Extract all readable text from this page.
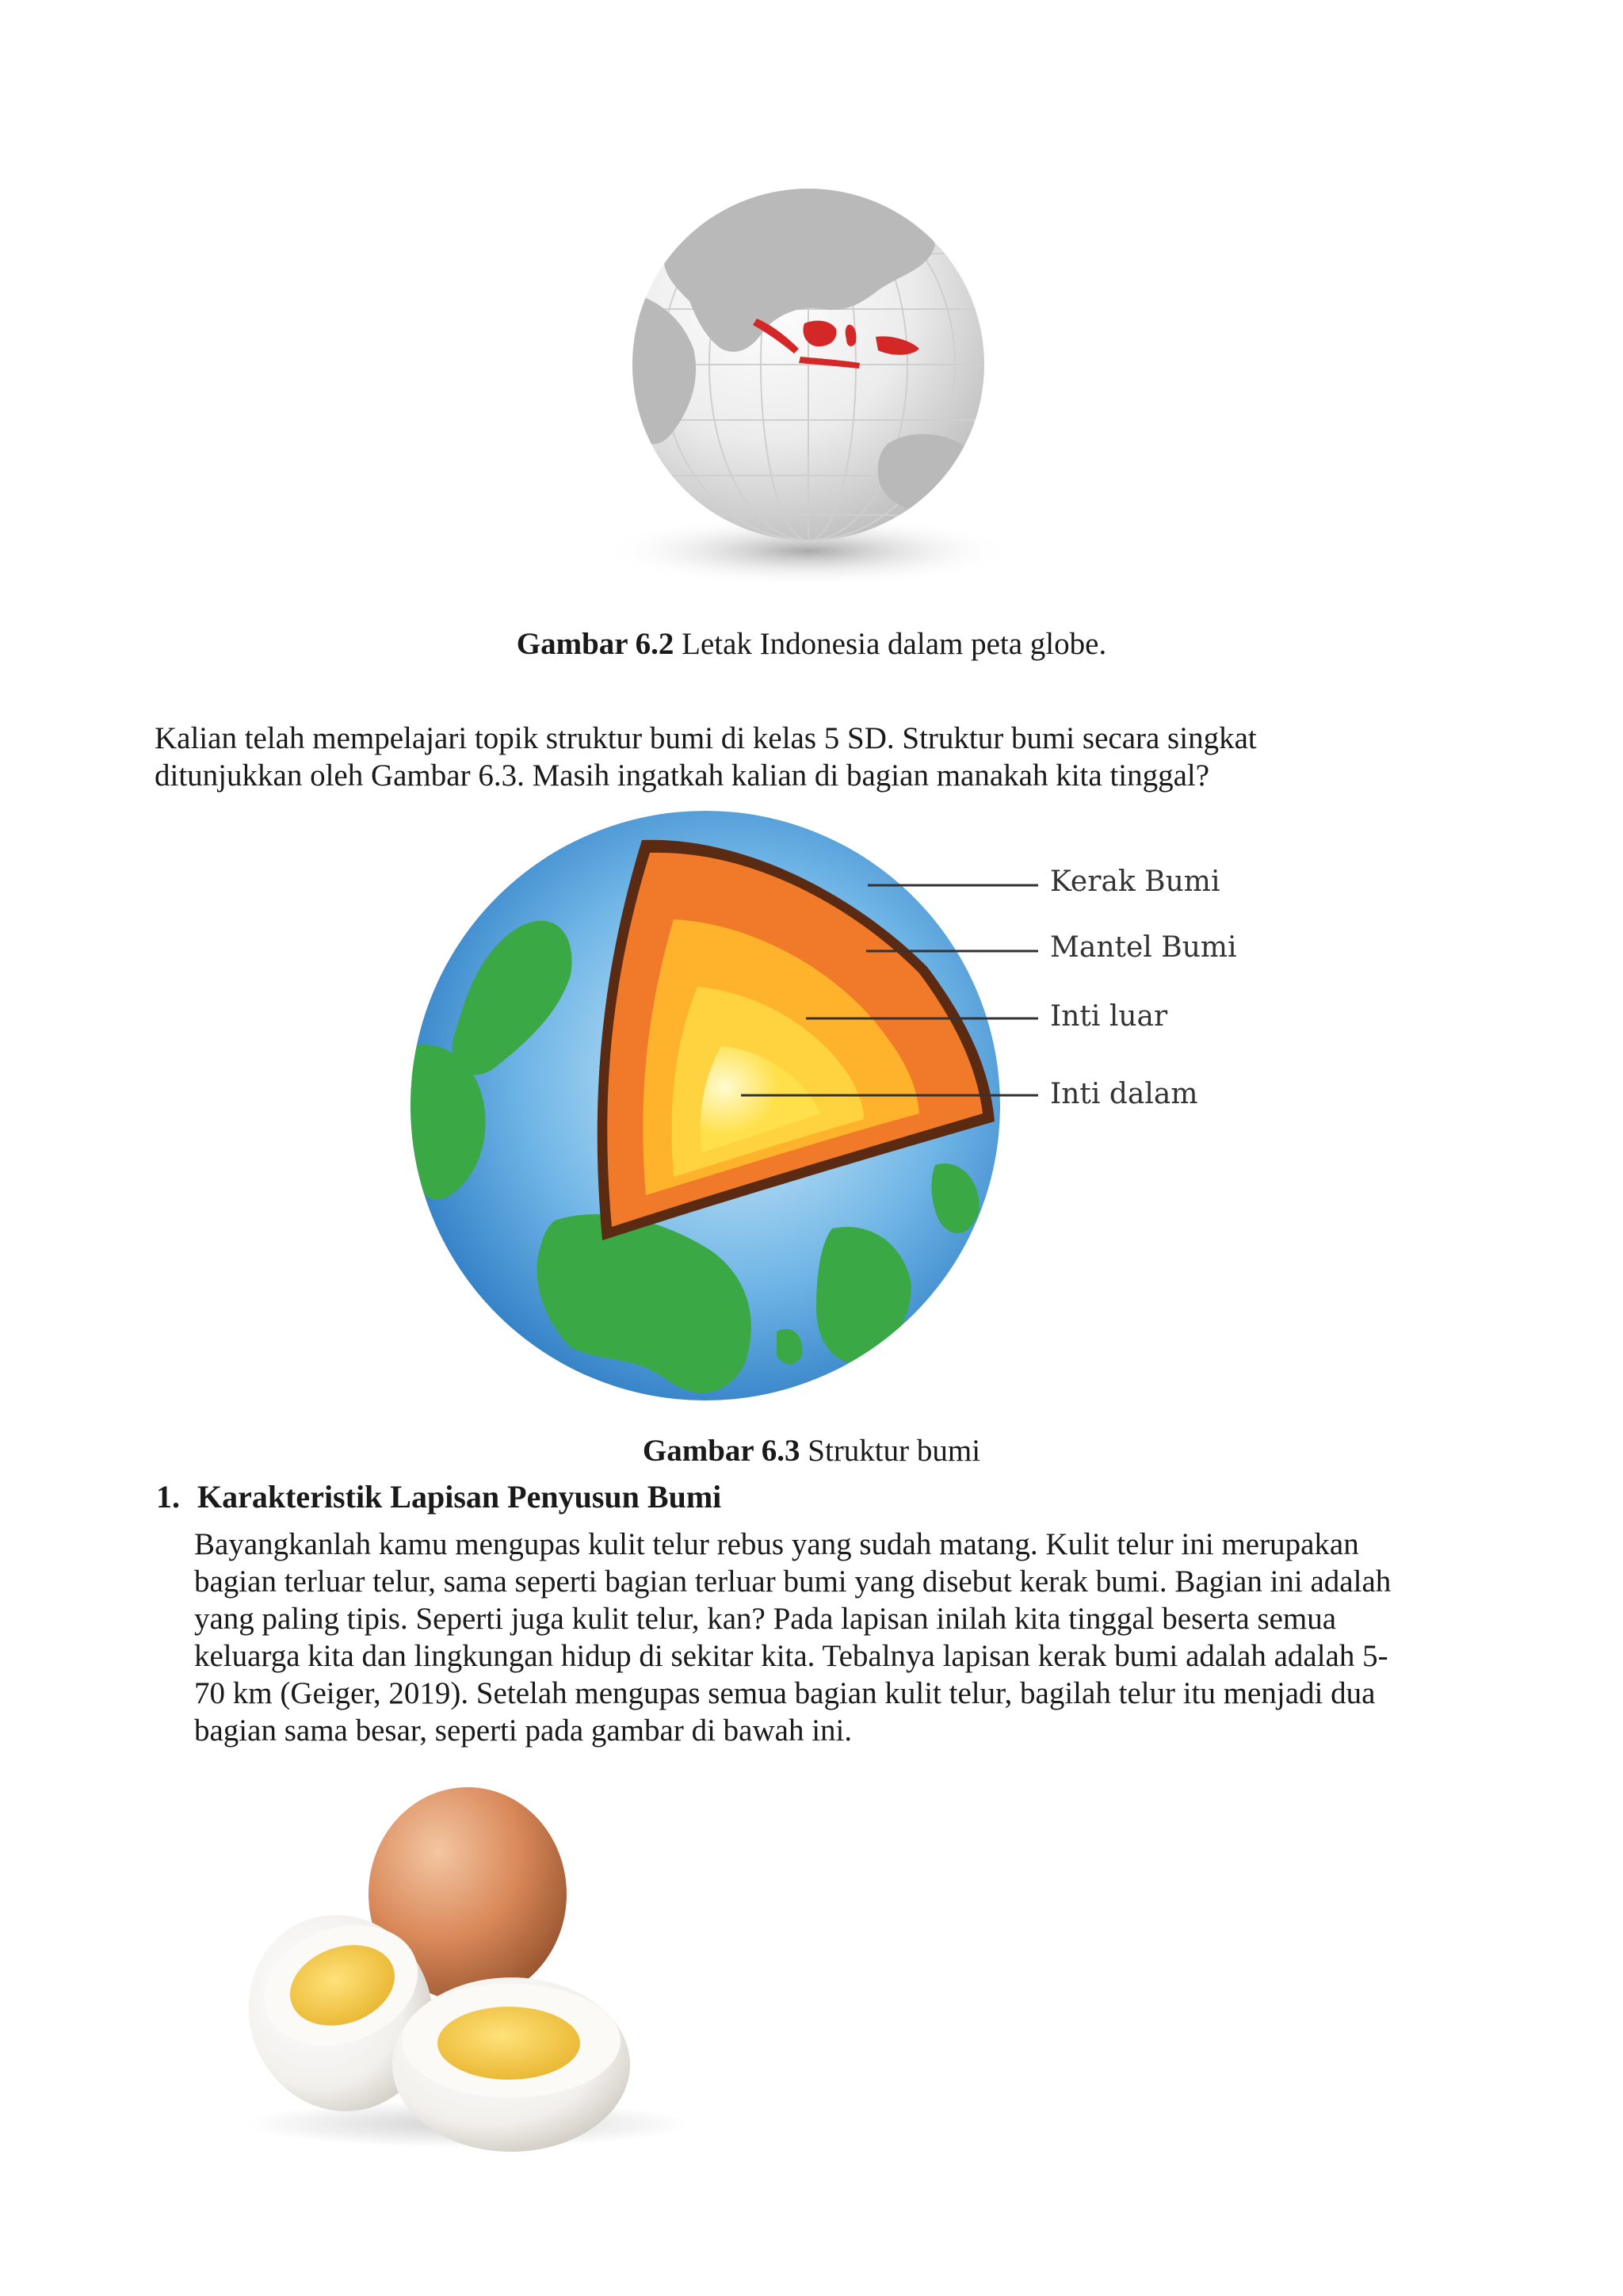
Gambar 6.2 Letak Indonesia dalam peta globe.
Kalian telah mempelajari topik struktur bumi di kelas 5 SD. Struktur bumi secara singkat
ditunjukkan oleh Gambar 6.3. Masih ingatkah kalian di bagian manakah kita tinggal?
Kerak Bumi
Mantel Bumi
Inti luar
Inti dalam
Gambar 6.3 Struktur bumi
1. Karakteristik Lapisan Penyusun Bumi
Bayangkanlah kamu mengupas kulit telur rebus yang sudah matang. Kulit telur ini merupakan
bagian terluar telur, sama seperti bagian terluar bumi yang disebut kerak bumi. Bagian ini adalah
yang paling tipis. Seperti juga kulit telur, kan? Pada lapisan inilah kita tinggal beserta semua
keluarga kita dan lingkungan hidup di sekitar kita. Tebalnya lapisan kerak bumi adalah adalah 5-
70 km (Geiger, 2019). Setelah mengupas semua bagian kulit telur, bagilah telur itu menjadi dua
bagian sama besar, seperti pada gambar di bawah ini.
